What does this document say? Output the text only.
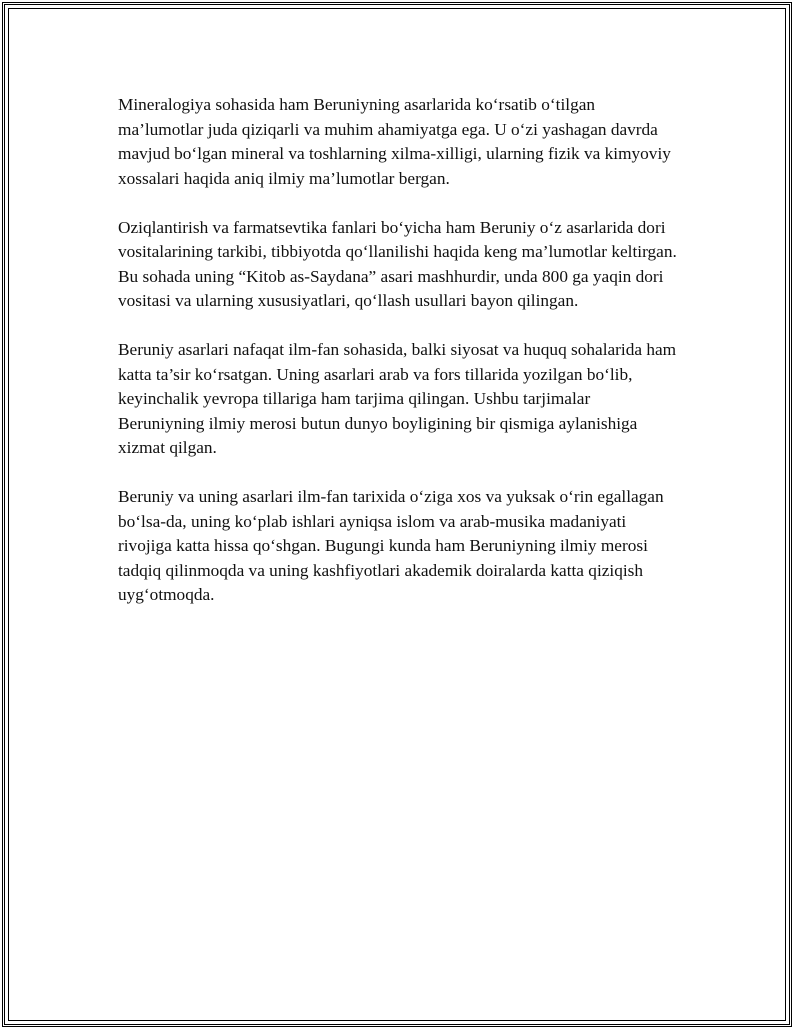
Mineralogiya sohasida ham Beruniyning asarlarida ko‘rsatib o‘tilgan ma’lumotlar juda qiziqarli va muhim ahamiyatga ega. U o‘zi yashagan davrda mavjud bo‘lgan mineral va toshlarning xilma-xilligi, ularning fizik va kimyoviy xossalari haqida aniq ilmiy ma’lumotlar bergan.

Oziqlantirish va farmatsevtika fanlari bo‘yicha ham Beruniy o‘z asarlarida dori vositalarining tarkibi, tibbiyotda qo‘llanilishi haqida keng ma’lumotlar keltirgan. Bu sohada uning “Kitob as-Saydana” asari mashhurdir, unda 800 ga yaqin dori vositasi va ularning xususiyatlari, qo‘llash usullari bayon qilingan.

Beruniy asarlari nafaqat ilm-fan sohasida, balki siyosat va huquq sohalarida ham katta ta’sir ko‘rsatgan. Uning asarlari arab va fors tillarida yozilgan bo‘lib, keyinchalik yevropa tillariga ham tarjima qilingan. Ushbu tarjimalar Beruniyning ilmiy merosi butun dunyo boyligining bir qismiga aylanishiga xizmat qilgan.

Beruniy va uning asarlari ilm-fan tarixida o‘ziga xos va yuksak o‘rin egallagan bo‘lsa-da, uning ko‘plab ishlari ayniqsa islom va arab-musika madaniyati rivojiga katta hissa qo‘shgan. Bugungi kunda ham Beruniyning ilmiy merosi tadqiq qilinmoqda va uning kashfiyotlari akademik doiralarda katta qiziqish uyg‘otmoqda.
